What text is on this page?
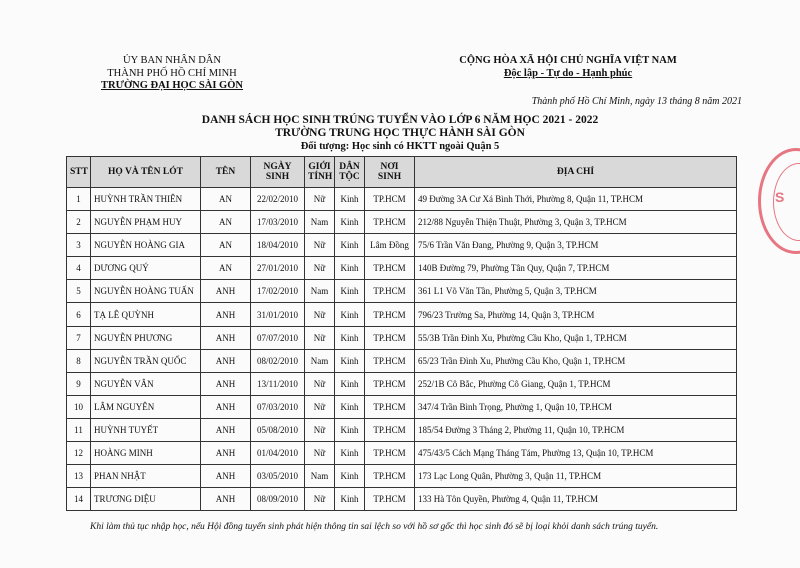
ỦY BAN NHÂN DÂN
THÀNH PHỐ HỒ CHÍ MINH
TRƯỜNG ĐẠI HỌC SÀI GÒN
CỘNG HÒA XÃ HỘI CHỦ NGHĨA VIỆT NAM
Độc lập - Tự do - Hạnh phúc
Thành phố Hồ Chí Minh, ngày 13 tháng 8 năm 2021
DANH SÁCH HỌC SINH TRÚNG TUYỂN VÀO LỚP 6 NĂM HỌC 2021 - 2022
TRƯỜNG TRUNG HỌC THỰC HÀNH SÀI GÒN
Đối tượng: Học sinh có HKTT ngoài Quận 5
STT	HỌ VÀ TÊN LÓT	TÊN	NGÀY SINH	GIỚI TÍNH	DÂN TỘC	NƠI SINH	ĐỊA CHỈ
1	HUỲNH TRẦN THIÊN	AN	22/02/2010	Nữ	Kinh	TP.HCM	49 Đường 3A Cư Xá Bình Thới, Phường 8, Quận 11, TP.HCM
2	NGUYỄN PHẠM HUY	AN	17/03/2010	Nam	Kinh	TP.HCM	212/88 Nguyễn Thiện Thuật, Phường 3, Quận 3, TP.HCM
3	NGUYỄN HOÀNG GIA	AN	18/04/2010	Nữ	Kinh	Lâm Đồng	75/6 Trần Văn Đang, Phường 9, Quận 3, TP.HCM
4	DƯƠNG QUÝ	AN	27/01/2010	Nữ	Kinh	TP.HCM	140B Đường 79, Phường Tân Quy, Quận 7, TP.HCM
5	NGUYỄN HOÀNG TUẤN	ANH	17/02/2010	Nam	Kinh	TP.HCM	361 L1 Võ Văn Tần, Phường 5, Quận 3, TP.HCM
6	TẠ LÊ QUỲNH	ANH	31/01/2010	Nữ	Kinh	TP.HCM	796/23 Trường Sa, Phường 14, Quận 3, TP.HCM
7	NGUYỄN PHƯƠNG	ANH	07/07/2010	Nữ	Kinh	TP.HCM	55/3B Trần Đình Xu, Phường Cầu Kho, Quận 1, TP.HCM
8	NGUYỄN TRẦN QUỐC	ANH	08/02/2010	Nam	Kinh	TP.HCM	65/23 Trần Đình Xu, Phường Cầu Kho, Quận 1, TP.HCM
9	NGUYỄN VÂN	ANH	13/11/2010	Nữ	Kinh	TP.HCM	252/1B Cô Bắc, Phường Cô Giang, Quận 1, TP.HCM
10	LÂM NGUYÊN	ANH	07/03/2010	Nữ	Kinh	TP.HCM	347/4 Trần Bình Trọng, Phường 1, Quận 10, TP.HCM
11	HUỲNH TUYẾT	ANH	05/08/2010	Nữ	Kinh	TP.HCM	185/54 Đường 3 Tháng 2, Phường 11, Quận 10, TP.HCM
12	HOÀNG MINH	ANH	01/04/2010	Nữ	Kinh	TP.HCM	475/43/5 Cách Mạng Tháng Tám, Phường 13, Quận 10, TP.HCM
13	PHAN NHẬT	ANH	03/05/2010	Nam	Kinh	TP.HCM	173 Lạc Long Quân, Phường 3, Quận 11, TP.HCM
14	TRƯƠNG DIỆU	ANH	08/09/2010	Nữ	Kinh	TP.HCM	133 Hà Tôn Quyền, Phường 4, Quận 11, TP.HCM
Khi làm thủ tục nhập học, nếu Hội đồng tuyển sinh phát hiện thông tin sai lệch so với hồ sơ gốc thì học sinh đó sẽ bị loại khỏi danh sách trúng tuyển.
S
